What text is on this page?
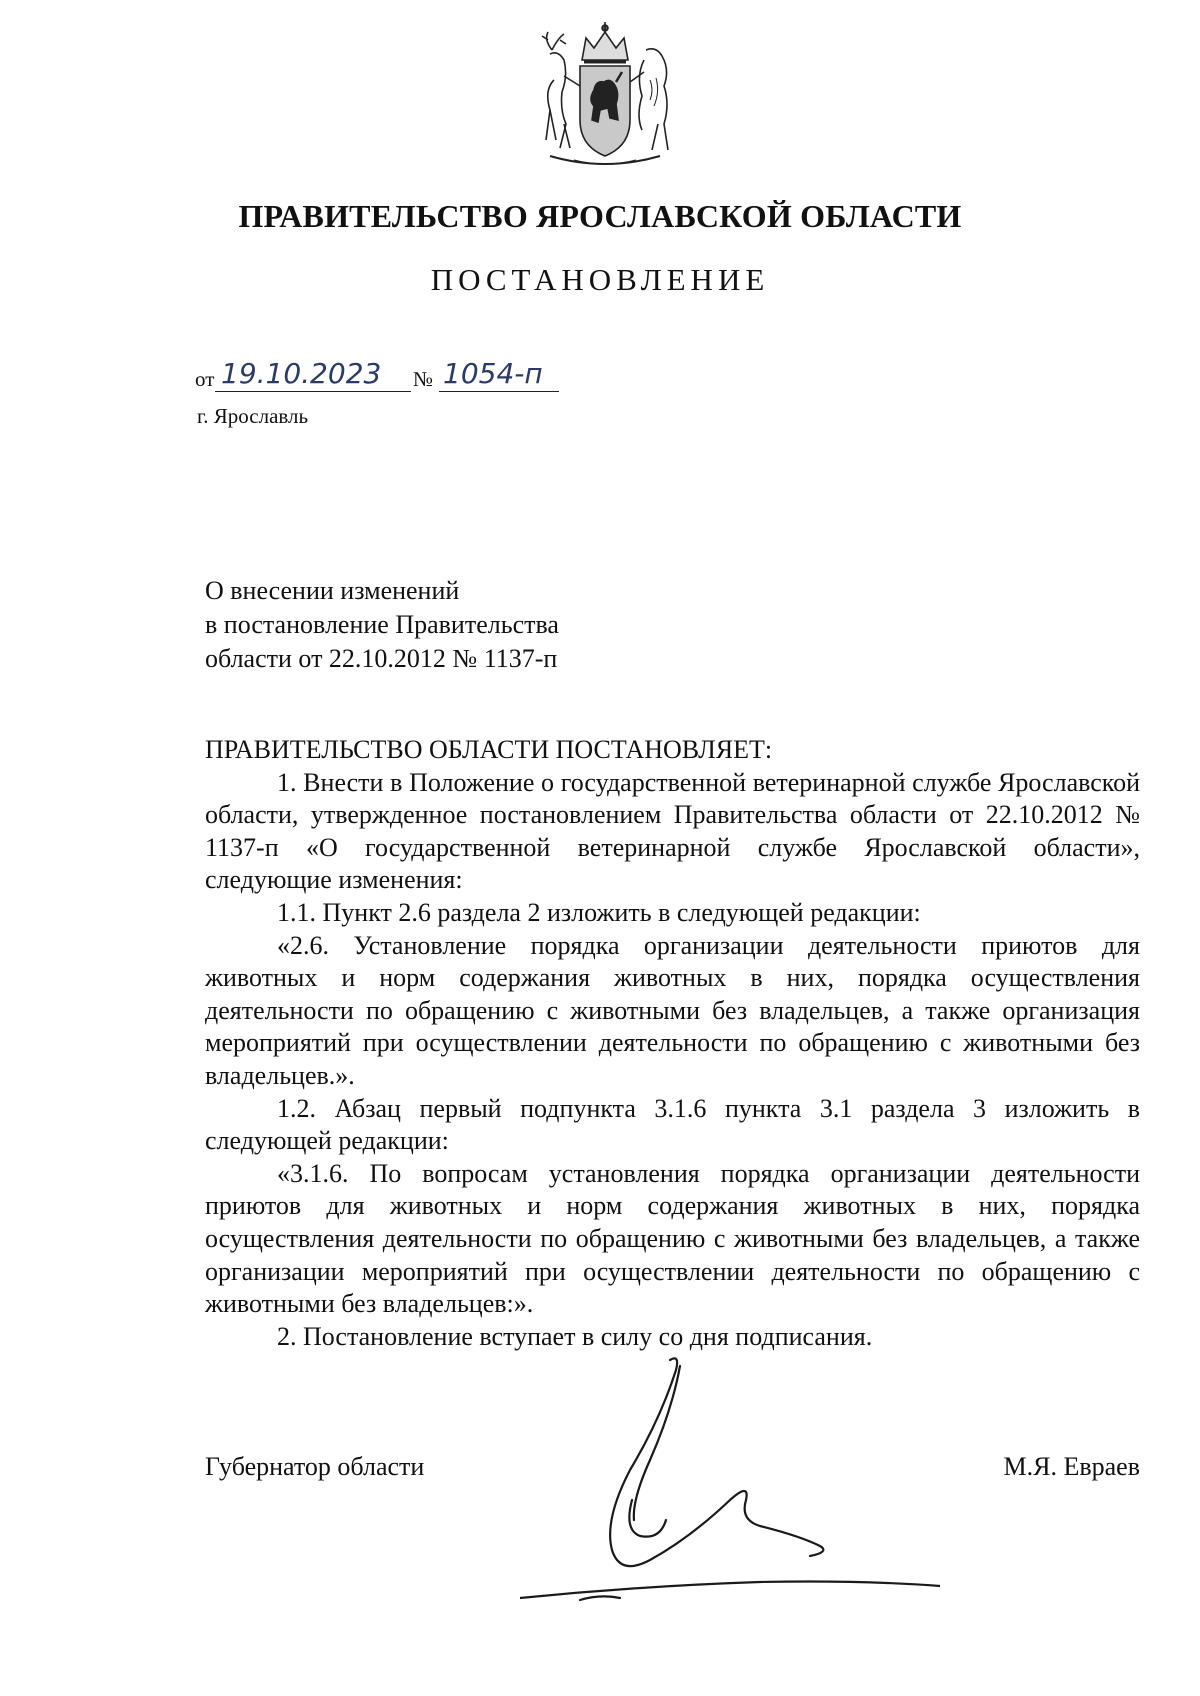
ПРАВИТЕЛЬСТВО ЯРОСЛАВСКОЙ ОБЛАСТИ
ПОСТАНОВЛЕНИЕ
от 19.10.2023 № 1054-п
г. Ярославль
О внесении изменений
в постановление Правительства
области от 22.10.2012 № 1137-п

ПРАВИТЕЛЬСТВО ОБЛАСТИ ПОСТАНОВЛЯЕТ:

1. Внести в Положение о государственной ветеринарной службе Ярославской области, утвержденное постановлением Правительства области от 22.10.2012 № 1137-п «О государственной ветеринарной службе Ярославской области», следующие изменения:

1.1. Пункт 2.6 раздела 2 изложить в следующей редакции:

«2.6. Установление порядка организации деятельности приютов для животных и норм содержания животных в них, порядка осуществления деятельности по обращению с животными без владельцев, а также организация мероприятий при осуществлении деятельности по обращению с животными без владельцев.».

1.2. Абзац первый подпункта 3.1.6 пункта 3.1 раздела 3 изложить в следующей редакции:

«3.1.6. По вопросам установления порядка организации деятельности приютов для животных и норм содержания животных в них, порядка осуществления деятельности по обращению с животными без владельцев, а также организации мероприятий при осуществлении деятельности по обращению с животными без владельцев:».

2. Постановление вступает в силу со дня подписания.

Губернатор области	М.Я. Евраев
